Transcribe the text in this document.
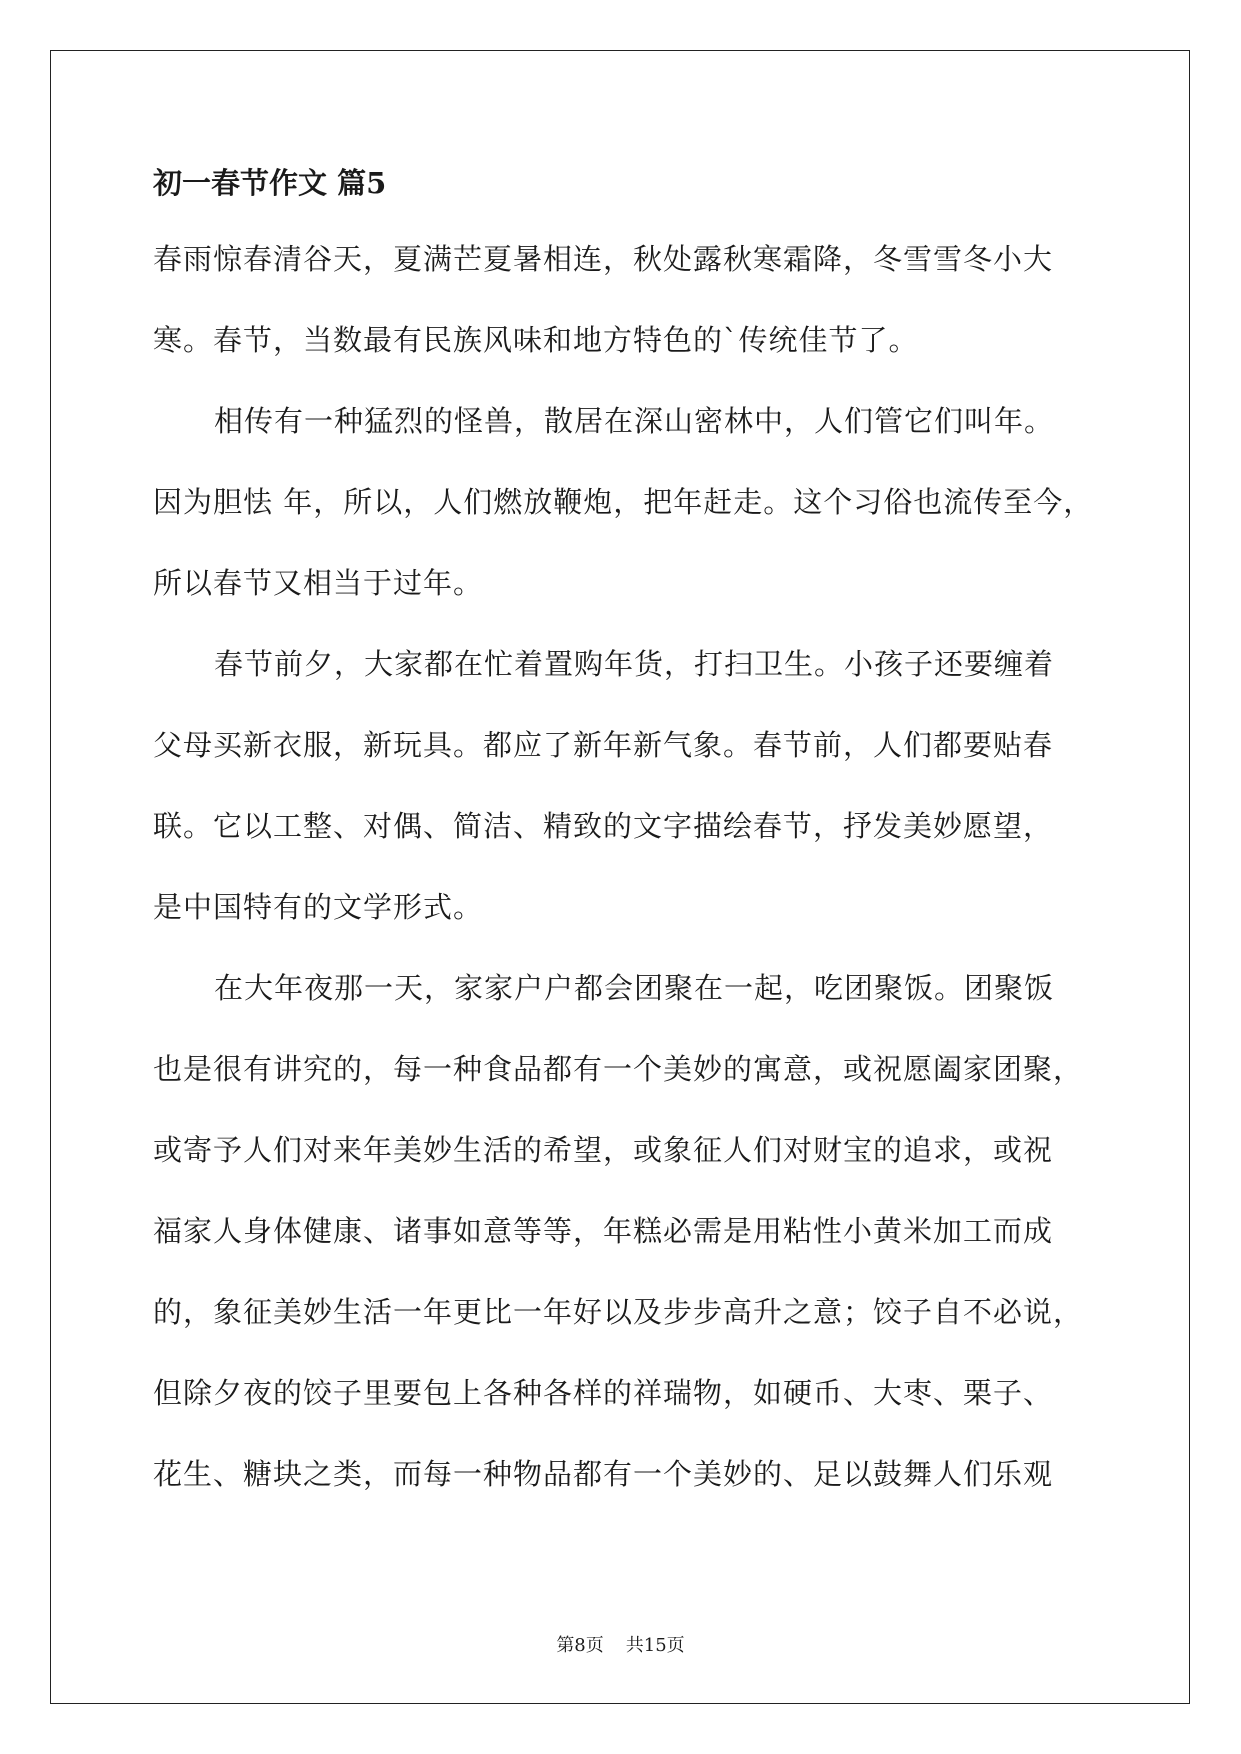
初一春节作文 篇5

春雨惊春清谷天，夏满芒夏暑相连，秋处露秋寒霜降，冬雪雪冬小大
寒。春节，当数最有民族风味和地方特色的`传统佳节了。

相传有一种猛烈的怪兽，散居在深山密林中，人们管它们叫年。
因为胆怯 年，所以，人们燃放鞭炮，把年赶走。这个习俗也流传至今，
所以春节又相当于过年。

春节前夕，大家都在忙着置购年货，打扫卫生。小孩子还要缠着
父母买新衣服，新玩具。都应了新年新气象。春节前，人们都要贴春
联。它以工整、对偶、简洁、精致的文字描绘春节，抒发美妙愿望，
是中国特有的文学形式。

在大年夜那一天，家家户户都会团聚在一起，吃团聚饭。团聚饭
也是很有讲究的，每一种食品都有一个美妙的寓意，或祝愿阖家团聚，
或寄予人们对来年美妙生活的希望，或象征人们对财宝的追求，或祝
福家人身体健康、诸事如意等等，年糕必需是用粘性小黄米加工而成
的，象征美妙生活一年更比一年好以及步步高升之意；饺子自不必说，
但除夕夜的饺子里要包上各种各样的祥瑞物，如硬币、大枣、栗子、
花生、糖块之类，而每一种物品都有一个美妙的、足以鼓舞人们乐观

第8页 共15页
